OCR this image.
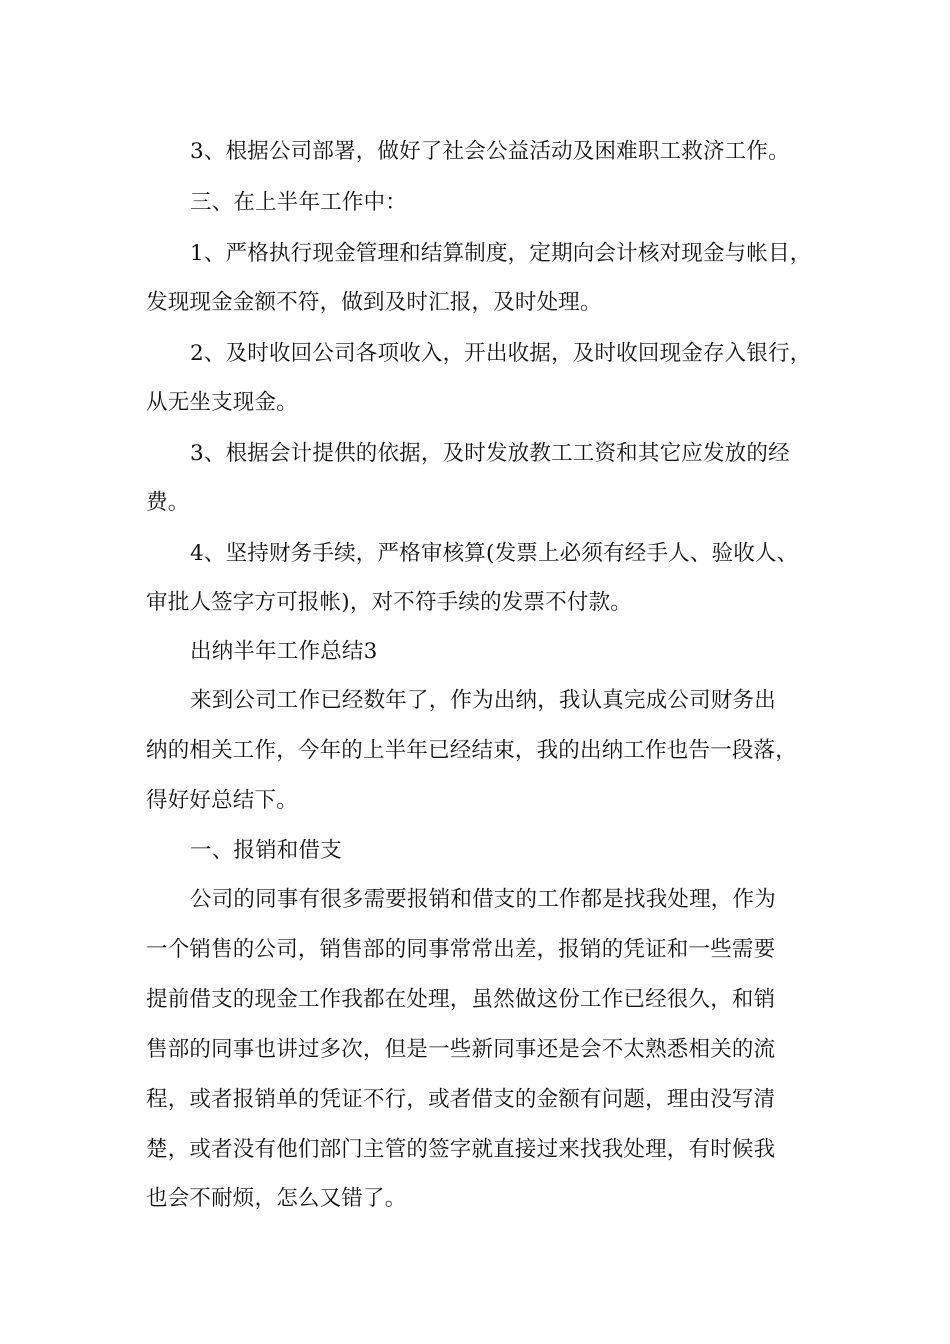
3、根据公司部署，做好了社会公益活动及困难职工救济工作。
三、在上半年工作中：
1、严格执行现金管理和结算制度，定期向会计核对现金与帐目，
发现现金金额不符，做到及时汇报，及时处理。
2、及时收回公司各项收入，开出收据，及时收回现金存入银行，
从无坐支现金。
3、根据会计提供的依据，及时发放教工工资和其它应发放的经
费。
4、坚持财务手续，严格审核算(发票上必须有经手人、验收人、
审批人签字方可报帐)，对不符手续的发票不付款。
出纳半年工作总结3
来到公司工作已经数年了，作为出纳，我认真完成公司财务出
纳的相关工作，今年的上半年已经结束，我的出纳工作也告一段落，
得好好总结下。
一、报销和借支
公司的同事有很多需要报销和借支的工作都是找我处理，作为
一个销售的公司，销售部的同事常常出差，报销的凭证和一些需要
提前借支的现金工作我都在处理，虽然做这份工作已经很久，和销
售部的同事也讲过多次，但是一些新同事还是会不太熟悉相关的流
程，或者报销单的凭证不行，或者借支的金额有问题，理由没写清
楚，或者没有他们部门主管的签字就直接过来找我处理，有时候我
也会不耐烦，怎么又错了。
